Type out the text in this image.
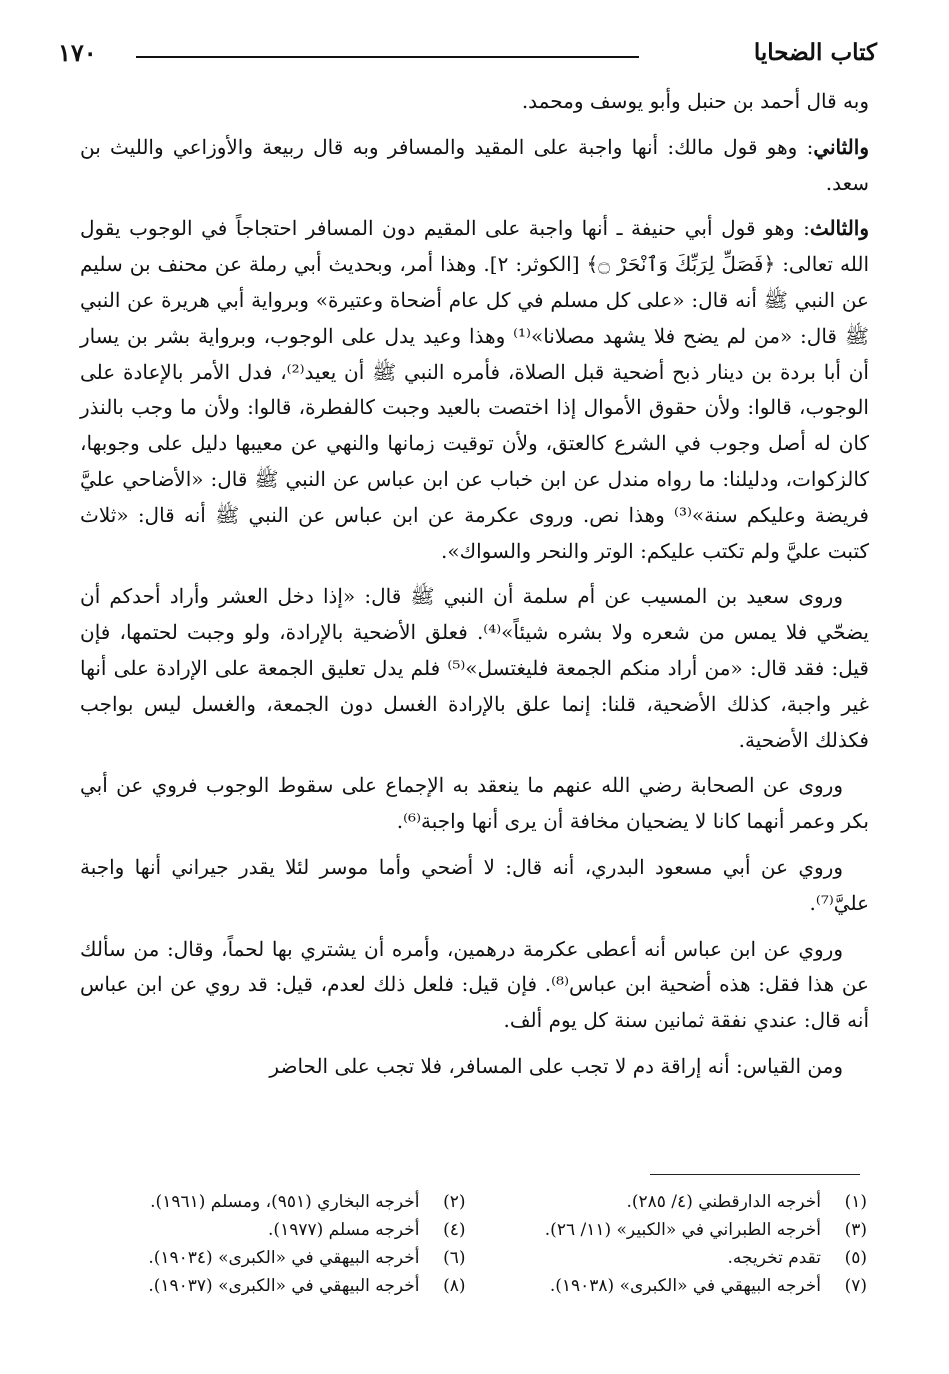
كتاب الضحايا
١٧٠

وبه قال أحمد بن حنبل وأبو يوسف ومحمد.

والثاني: وهو قول مالك: أنها واجبة على المقيد والمسافر وبه قال ربيعة والأوزاعي والليث بن سعد.

والثالث: وهو قول أبي حنيفة ـ أنها واجبة على المقيم دون المسافر احتجاجاً في الوجوب يقول الله تعالى: ﴿فَصَلِّ لِرَبِّكَ وَٱنْحَرْ ۝﴾ [الكوثر: ٢]. وهذا أمر، وبحديث أبي رملة عن محنف بن سليم عن النبي ﷺ أنه قال: «على كل مسلم في كل عام أضحاة وعتيرة» وبرواية أبي هريرة عن النبي ﷺ قال: «من لم يضح فلا يشهد مصلانا»⁽¹⁾ وهذا وعيد يدل على الوجوب، وبرواية بشر بن يسار أن أبا بردة بن دينار ذبح أضحية قبل الصلاة، فأمره النبي ﷺ أن يعيد⁽²⁾، فدل الأمر بالإعادة على الوجوب، قالوا: ولأن حقوق الأموال إذا اختصت بالعيد وجبت كالفطرة، قالوا: ولأن ما وجب بالنذر كان له أصل وجوب في الشرع كالعتق، ولأن توقيت زمانها والنهي عن معيبها دليل على وجوبها، كالزكوات، ودليلنا: ما رواه مندل عن ابن خباب عن ابن عباس عن النبي ﷺ قال: «الأضاحي عليَّ فريضة وعليكم سنة»⁽³⁾ وهذا نص. وروى عكرمة عن ابن عباس عن النبي ﷺ أنه قال: «ثلاث كتبت عليَّ ولم تكتب عليكم: الوتر والنحر والسواك».

وروى سعيد بن المسيب عن أم سلمة أن النبي ﷺ قال: «إذا دخل العشر وأراد أحدكم أن يضحّي فلا يمس من شعره ولا بشره شيئاً»⁽⁴⁾. فعلق الأضحية بالإرادة، ولو وجبت لحتمها، فإن قيل: فقد قال: «من أراد منكم الجمعة فليغتسل»⁽⁵⁾ فلم يدل تعليق الجمعة على الإرادة على أنها غير واجبة، كذلك الأضحية، قلنا: إنما علق بالإرادة الغسل دون الجمعة، والغسل ليس بواجب فكذلك الأضحية.

وروى عن الصحابة رضي الله عنهم ما ينعقد به الإجماع على سقوط الوجوب فروي عن أبي بكر وعمر أنهما كانا لا يضحيان مخافة أن يرى أنها واجبة⁽⁶⁾.

وروي عن أبي مسعود البدري، أنه قال: لا أضحي وأما موسر لئلا يقدر جيراني أنها واجبة عليَّ⁽⁷⁾.

وروي عن ابن عباس أنه أعطى عكرمة درهمين، وأمره أن يشتري بها لحماً، وقال: من سألك عن هذا فقل: هذه أضحية ابن عباس⁽⁸⁾. فإن قيل: فلعل ذلك لعدم، قيل: قد روي عن ابن عباس أنه قال: عندي نفقة ثمانين سنة كل يوم ألف.

ومن القياس: أنه إراقة دم لا تجب على المسافر، فلا تجب على الحاضر

(١)
أخرجه الدارقطني (٤/ ٢٨٥).
(٢)
أخرجه البخاري (٩٥١)، ومسلم (١٩٦١).
(٣)
أخرجه الطبراني في «الكبير» (١١/ ٢٦).
(٤)
أخرجه مسلم (١٩٧٧).
(٥)
تقدم تخريجه.
(٦)
أخرجه البيهقي في «الكبرى» (١٩٠٣٤).
(٧)
أخرجه البيهقي في «الكبرى» (١٩٠٣٨).
(٨)
أخرجه البيهقي في «الكبرى» (١٩٠٣٧).
